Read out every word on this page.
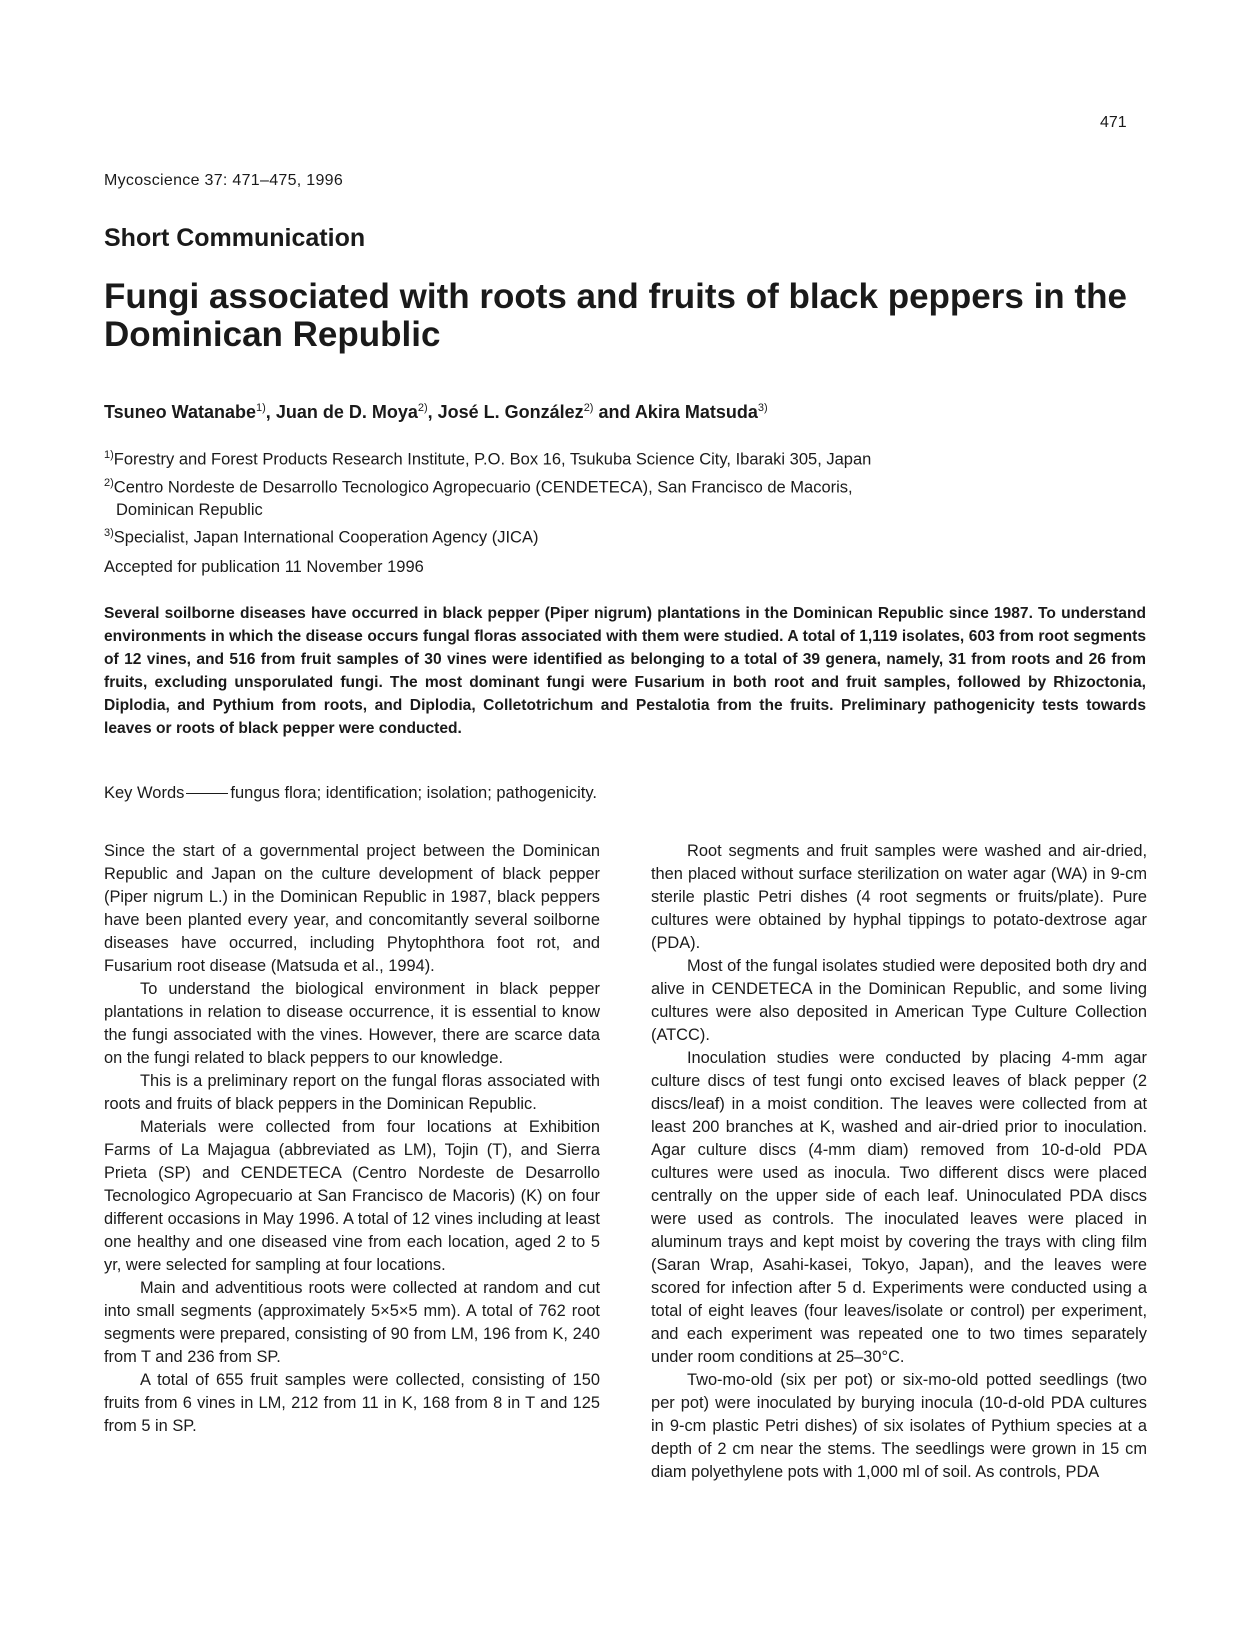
471
Mycoscience 37: 471–475, 1996
Short Communication
Fungi associated with roots and fruits of black peppers in the Dominican Republic
Tsuneo Watanabe$^{1)}$, Juan de D. Moya$^{2)}$, José L. González$^{2)}$ and Akira Matsuda$^{3)}$
$^{1)}$Forestry and Forest Products Research Institute, P.O. Box 16, Tsukuba Science City, Ibaraki 305, Japan
$^{2)}$Centro Nordeste de Desarrollo Tecnologico Agropecuario (CENDETECA), San Francisco de Macoris,
Dominican Republic
$^{3)}$Specialist, Japan International Cooperation Agency (JICA)
Accepted for publication 11 November 1996

Several soilborne diseases have occurred in black pepper (Piper nigrum) plantations in the Dominican Republic since 1987. To understand environments in which the disease occurs fungal floras associated with them were studied. A total of 1,119 isolates, 603 from root segments of 12 vines, and 516 from fruit samples of 30 vines were identified as belonging to a total of 39 genera, namely, 31 from roots and 26 from fruits, excluding unsporulated fungi. The most dominant fungi were Fusarium in both root and fruit samples, followed by Rhizoctonia, Diplodia, and Pythium from roots, and Diplodia, Colletotrichum and Pestalotia from the fruits. Preliminary pathogenicity tests towards leaves or roots of black pepper were conducted.

Key Words	fungus flora; identification; isolation; pathogenicity.

Since the start of a governmental project between the Dominican Republic and Japan on the culture development of black pepper (Piper nigrum L.) in the Dominican Republic in 1987, black peppers have been planted every year, and concomitantly several soilborne diseases have occurred, including Phytophthora foot rot, and Fusarium root disease (Matsuda et al., 1994).

To understand the biological environment in black pepper plantations in relation to disease occurrence, it is essential to know the fungi associated with the vines. However, there are scarce data on the fungi related to black peppers to our knowledge.

This is a preliminary report on the fungal floras associated with roots and fruits of black peppers in the Dominican Republic.

Materials were collected from four locations at Exhibition Farms of La Majagua (abbreviated as LM), Tojin (T), and Sierra Prieta (SP) and CENDETECA (Centro Nordeste de Desarrollo Tecnologico Agropecuario at San Francisco de Macoris) (K) on four different occasions in May 1996. A total of 12 vines including at least one healthy and one diseased vine from each location, aged 2 to 5 yr, were selected for sampling at four locations.

Main and adventitious roots were collected at random and cut into small segments (approximately 5×5×5 mm). A total of 762 root segments were prepared, consisting of 90 from LM, 196 from K, 240 from T and 236 from SP.

A total of 655 fruit samples were collected, consisting of 150 fruits from 6 vines in LM, 212 from 11 in K, 168 from 8 in T and 125 from 5 in SP.

Root segments and fruit samples were washed and air-dried, then placed without surface sterilization on water agar (WA) in 9-cm sterile plastic Petri dishes (4 root segments or fruits/plate). Pure cultures were obtained by hyphal tippings to potato-dextrose agar (PDA).

Most of the fungal isolates studied were deposited both dry and alive in CENDETECA in the Dominican Republic, and some living cultures were also deposited in American Type Culture Collection (ATCC).

Inoculation studies were conducted by placing 4-mm agar culture discs of test fungi onto excised leaves of black pepper (2 discs/leaf) in a moist condition. The leaves were collected from at least 200 branches at K, washed and air-dried prior to inoculation. Agar culture discs (4-mm diam) removed from 10-d-old PDA cultures were used as inocula. Two different discs were placed centrally on the upper side of each leaf. Uninoculated PDA discs were used as controls. The inoculated leaves were placed in aluminum trays and kept moist by covering the trays with cling film (Saran Wrap, Asahi-kasei, Tokyo, Japan), and the leaves were scored for infection after 5 d. Experiments were conducted using a total of eight leaves (four leaves/isolate or control) per experiment, and each experiment was repeated one to two times separately under room conditions at 25–30°C.

Two-mo-old (six per pot) or six-mo-old potted seedlings (two per pot) were inoculated by burying inocula (10-d-old PDA cultures in 9-cm plastic Petri dishes) of six isolates of Pythium species at a depth of 2 cm near the stems. The seedlings were grown in 15 cm diam polyethylene pots with 1,000 ml of soil. As controls, PDA
